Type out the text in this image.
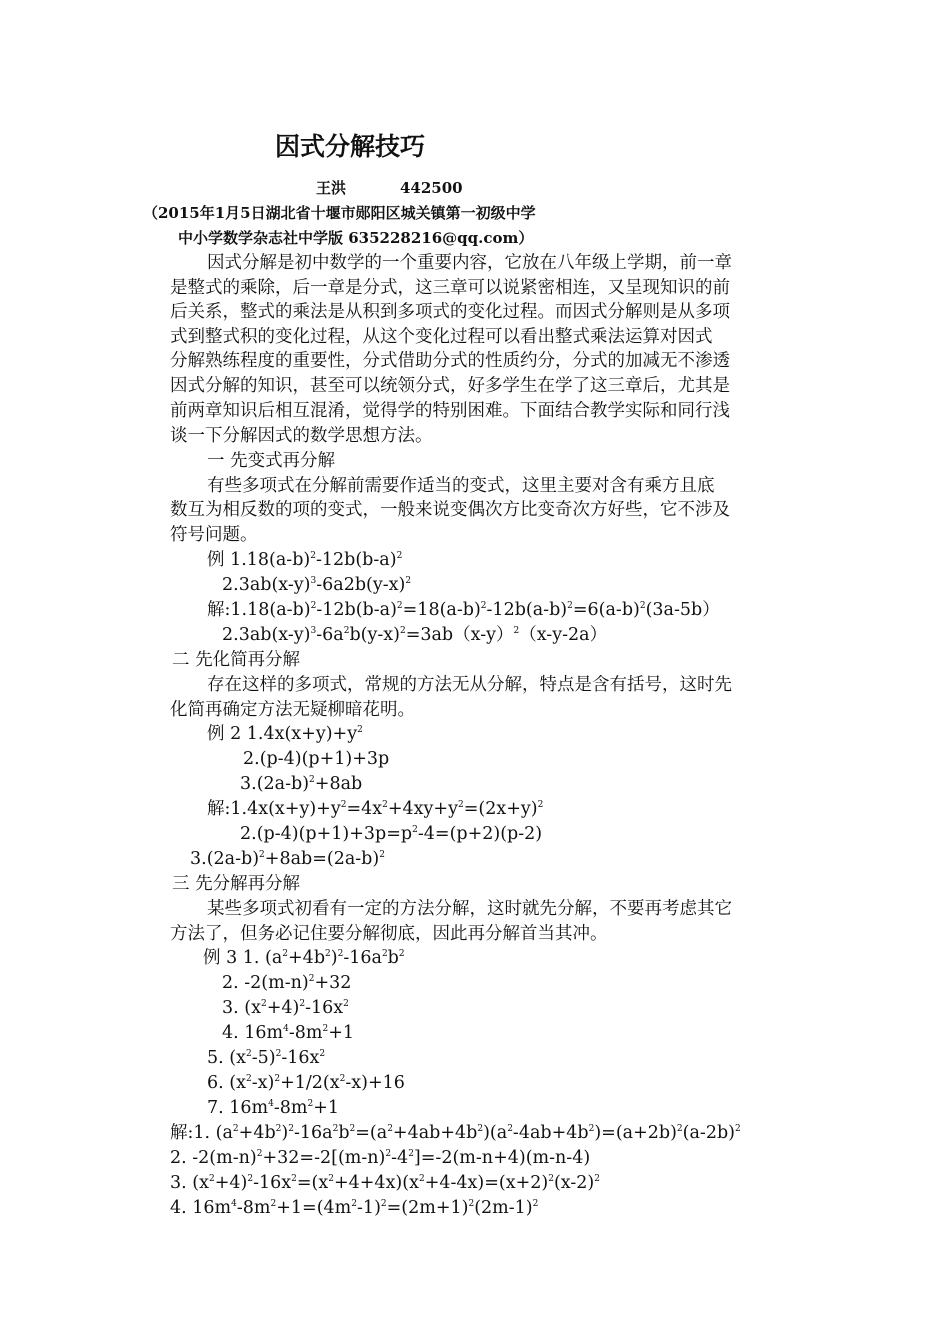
因式分解技巧
王洪	442500
（2015年1月5日湖北省十堰市郧阳区城关镇第一初级中学
中小学数学杂志社中学版 635228216@qq.com）
因式分解是初中数学的一个重要内容，它放在八年级上学期，前一章
是整式的乘除，后一章是分式，这三章可以说紧密相连，又呈现知识的前
后关系，整式的乘法是从积到多项式的变化过程。而因式分解则是从多项
式到整式积的变化过程，从这个变化过程可以看出整式乘法运算对因式
分解熟练程度的重要性，分式借助分式的性质约分，分式的加减无不渗透
因式分解的知识，甚至可以统领分式，好多学生在学了这三章后，尤其是
前两章知识后相互混淆，觉得学的特别困难。下面结合教学实际和同行浅
谈一下分解因式的数学思想方法。
一 先变式再分解
有些多项式在分解前需要作适当的变式，这里主要对含有乘方且底
数互为相反数的项的变式，一般来说变偶次方比变奇次方好些，它不涉及
符号问题。
例 $1.18(a-b)^2-12b(b-a)^2$
$2.3ab(x-y)^3-6a2b(y-x)^2$
解$:1.18(a-b)^2-12b(b-a)^2=18(a-b)^2-12b(a-b)^2=6(a-b)^2(3a-5b)$
$2.3ab(x-y)^3-6a^2b(y-x)^2=3ab(x-y)^2(x-y-2a)$
二 先化简再分解
存在这样的多项式，常规的方法无从分解，特点是含有括号，这时先
化简再确定方法无疑柳暗花明。
例 2 $1.4x(x+y)+y^2$
2.(p-4)(p+1)+3p
$3.(2a-b)^2+8ab$
解$:1.4x(x+y)+y^2=4x^2+4xy+y^2=(2x+y)^2$
$2.(p-4)(p+1)+3p=p^2-4=(p+2)(p-2)$
$3.(2a-b)^2+8ab=(2a-b)^2$
三 先分解再分解
某些多项式初看有一定的方法分解，这时就先分解，不要再考虑其它
方法了，但务必记住要分解彻底，因此再分解首当其冲。
例 3 1. $(a^2+4b^2)^2-16a^2b^2$
2. $-2(m-n)^2+32$
3. $(x^2+4)^2-16x^2$
4. $16m^4-8m^2+1$
5. $(x^2-5)^2-16x^2$
6. $(x^2-x)^2+1/2(x^2-x)+16$
7. $16m^4-8m^2+1$
解:1. $(a^2+4b^2)^2-16a^2b^2=(a^2+4ab+4b^2)(a^2-4ab+4b^2)=(a+2b)^2(a-2b)^2$
2. $-2(m-n)^2+32=-2[(m-n)^2-4^2]=-2(m-n+4)(m-n-4)$
3. $(x^2+4)^2-16x^2=(x^2+4+4x)(x^2+4-4x)=(x+2)^2(x-2)^2$
4. $16m^4-8m^2+1=(4m^2-1)^2=(2m+1)^2(2m-1)^2$
